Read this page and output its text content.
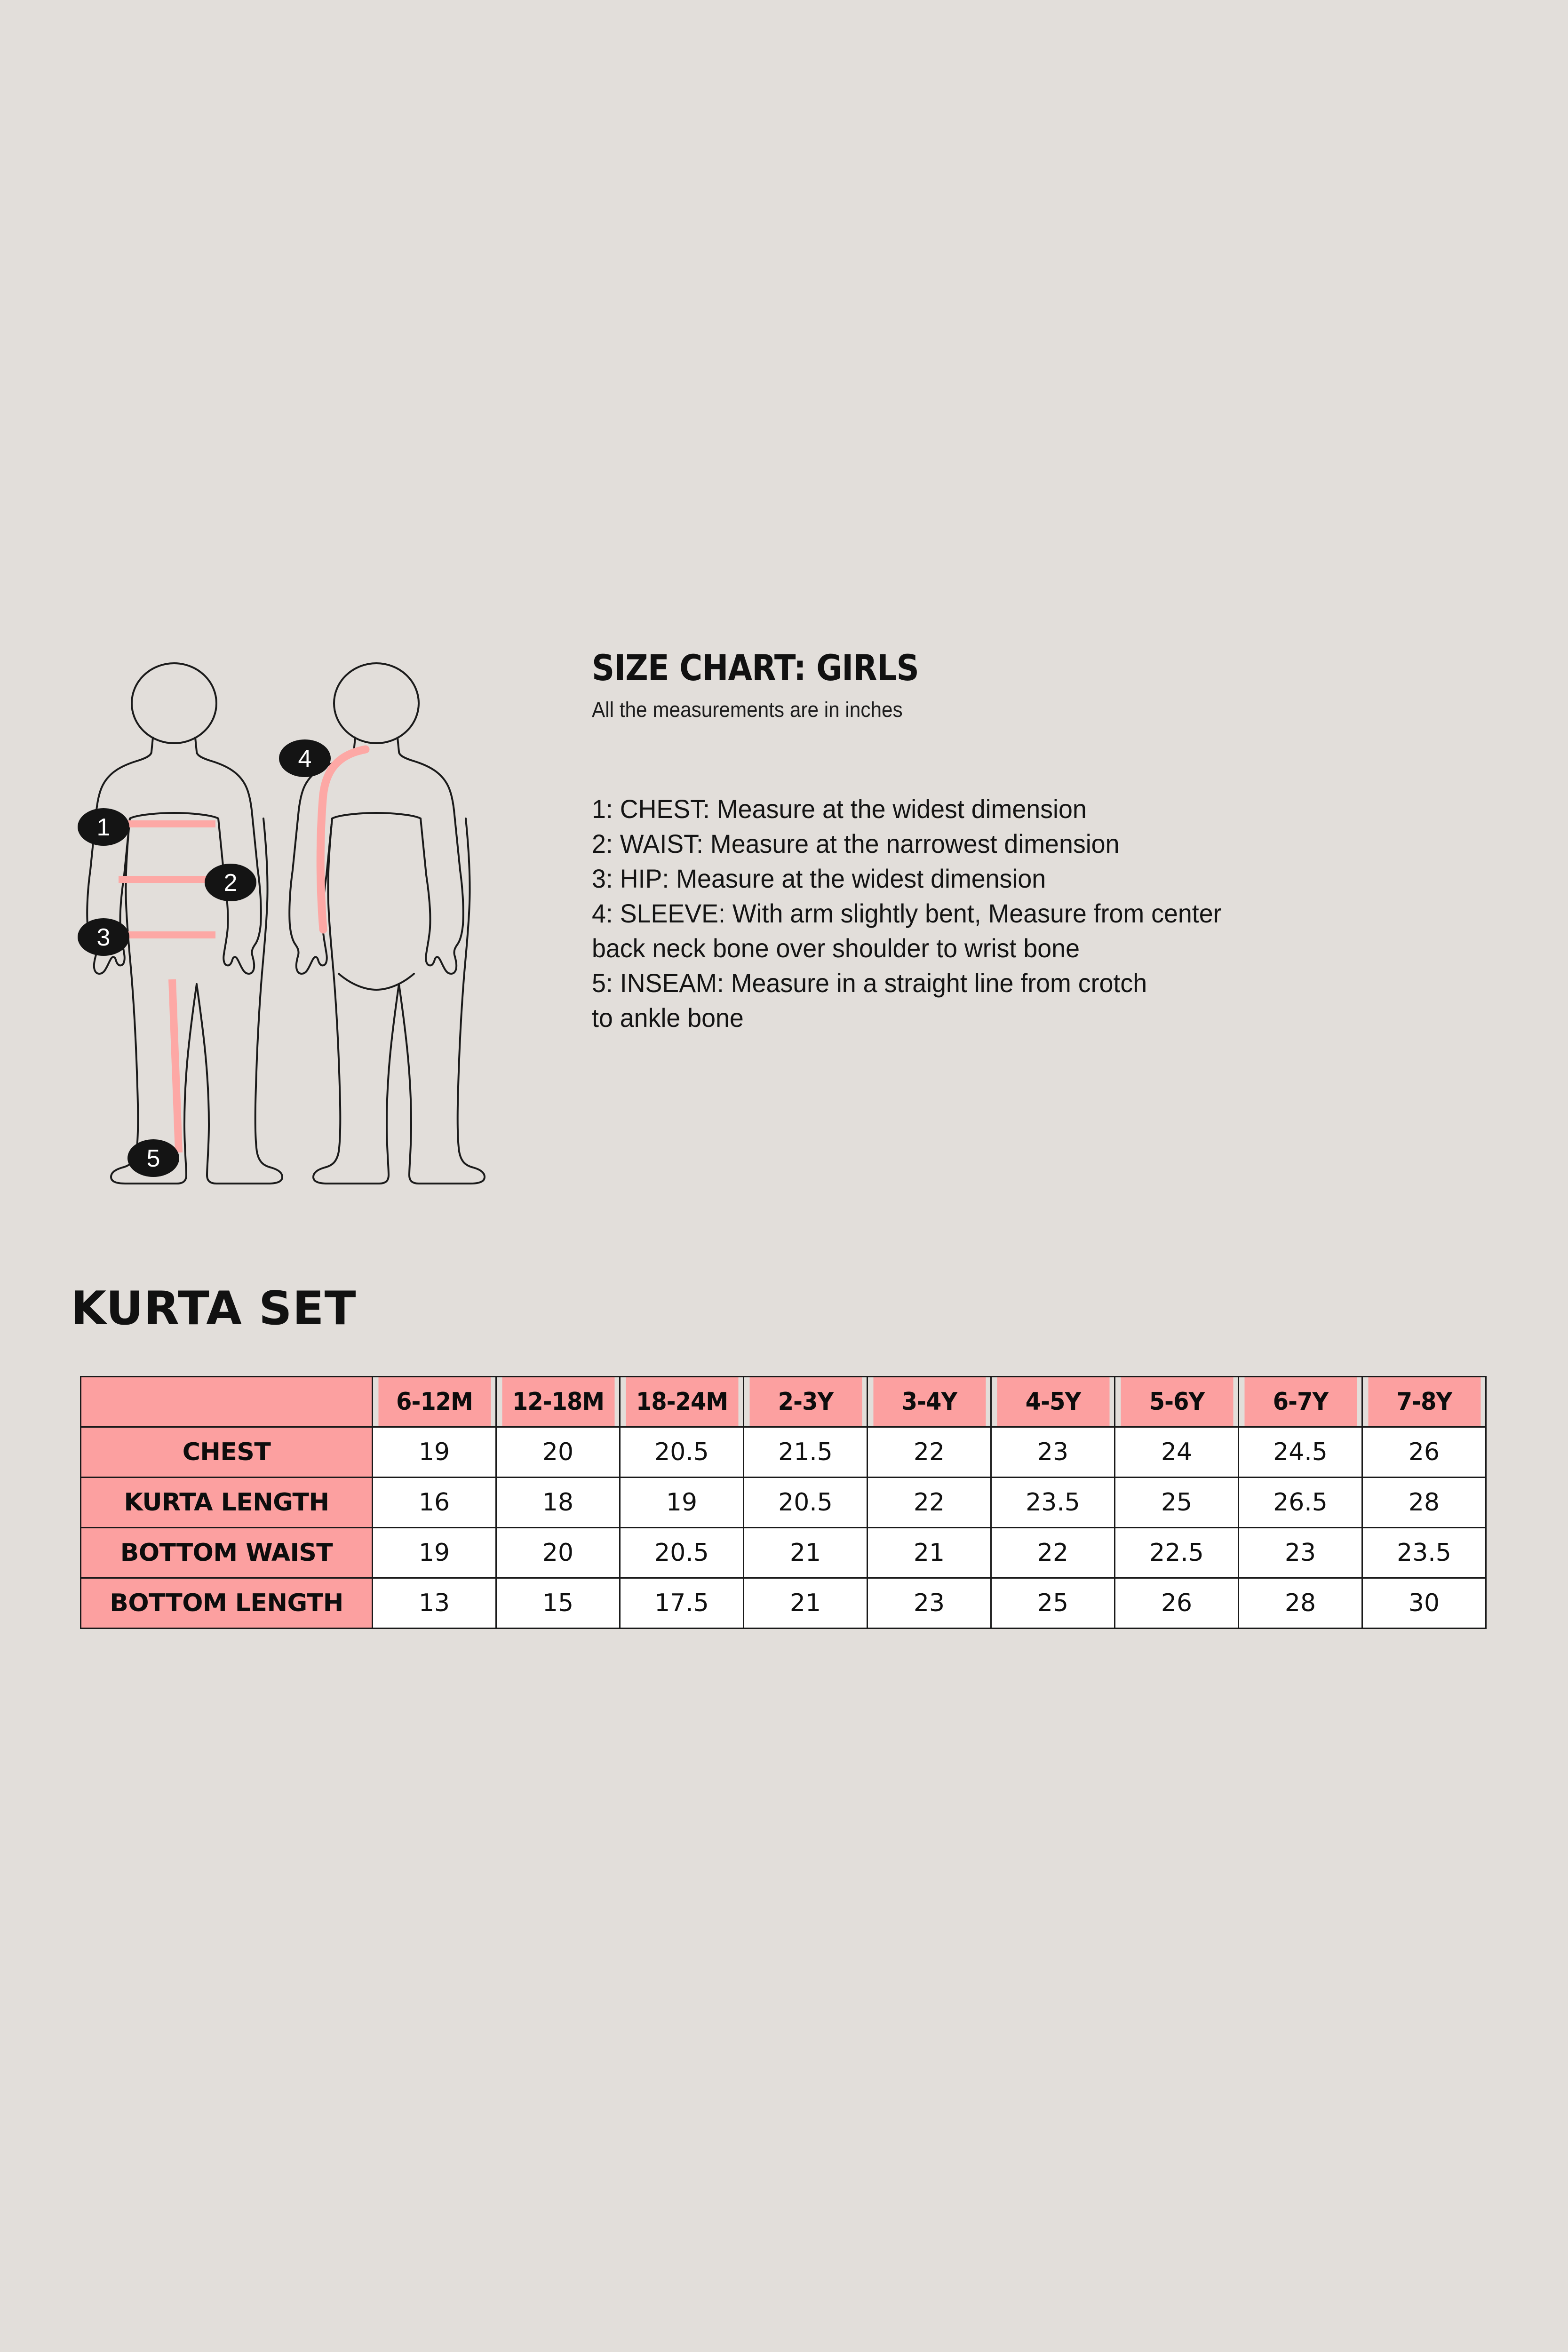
1
2
3
5
4
SIZE CHART: GIRLS
All the measurements are in inches
1: CHEST: Measure at the widest dimension
2: WAIST: Measure at the narrowest dimension
3: HIP: Measure at the widest dimension
4: SLEEVE: With arm slightly bent, Measure from center
back neck bone over shoulder to wrist bone
5: INSEAM: Measure in a straight line from crotch
to ankle bone
KURTA SET
	6-12M	12-18M	18-24M	2-3Y	3-4Y	4-5Y	5-6Y	6-7Y	7-8Y
CHEST	19	20	20.5	21.5	22	23	24	24.5	26
KURTA LENGTH	16	18	19	20.5	22	23.5	25	26.5	28
BOTTOM WAIST	19	20	20.5	21	21	22	22.5	23	23.5
BOTTOM LENGTH	13	15	17.5	21	23	25	26	28	30
